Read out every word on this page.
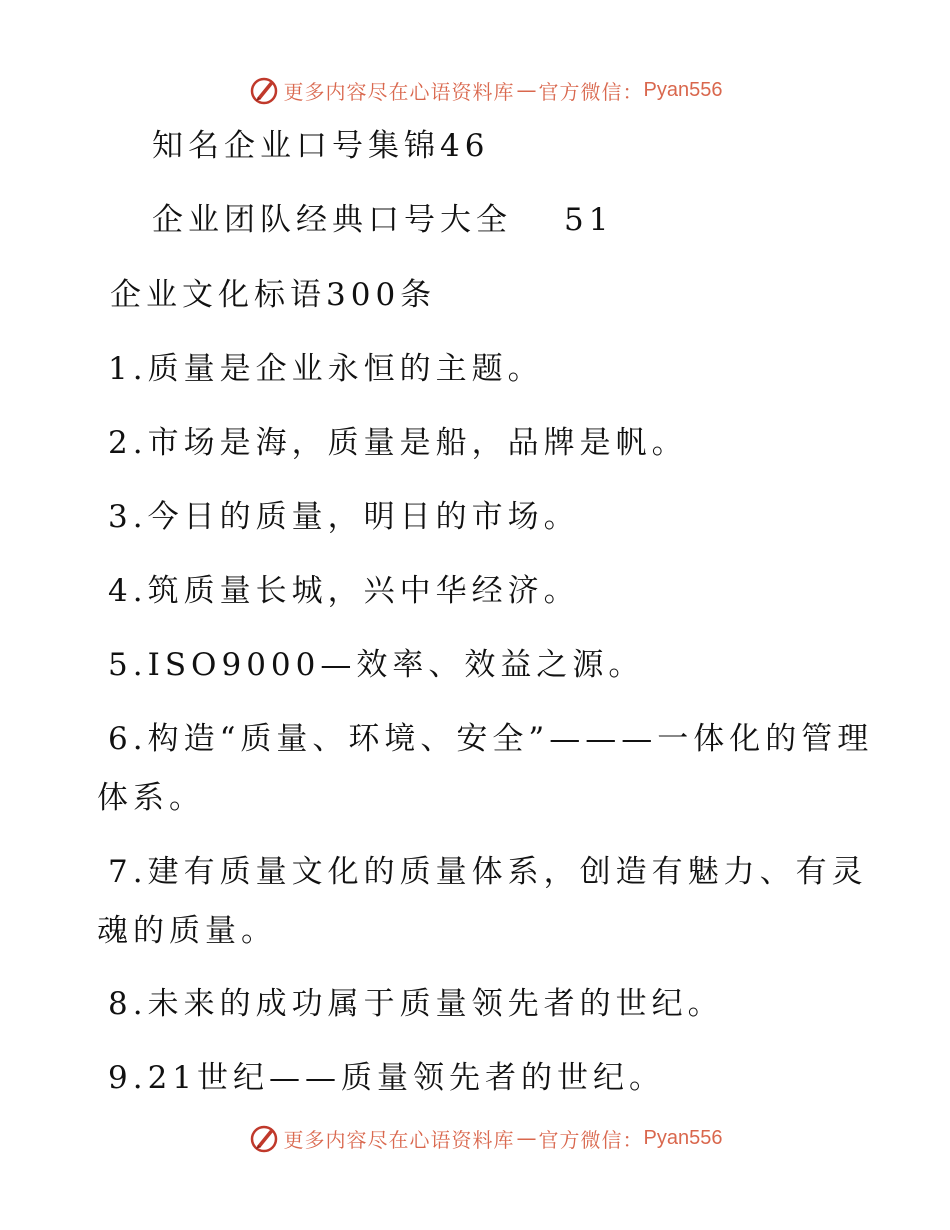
更多内容尽在心语资料库 — 官方微信： Pyan556
知名企业口号集锦46
企业团队经典口号大全 51
企业文化标语300条
1.质量是企业永恒的主题。
2.市场是海，质量是船，品牌是帆。
3.今日的质量，明日的市场。
4.筑质量长城，兴中华经济。
5.ISO9000—效率、效益之源。
6.构造“质量、环境、安全”———一体化的管理
体系。
7.建有质量文化的质量体系，创造有魅力、有灵
魂的质量。
8.未来的成功属于质量领先者的世纪。
9.21世纪——质量领先者的世纪。
更多内容尽在心语资料库 — 官方微信： Pyan556
